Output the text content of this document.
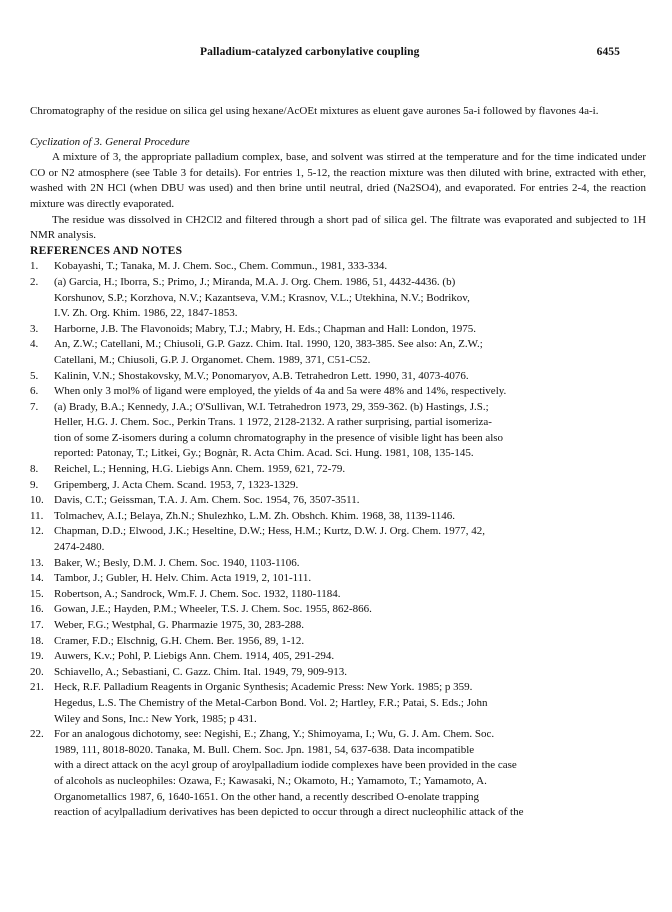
Palladium-catalyzed carbonylative coupling	6455

Chromatography of the residue on silica gel using hexane/AcOEt mixtures as eluent gave aurones 5a-i followed by flavones 4a-i.

Cyclization of 3. General Procedure

A mixture of 3, the appropriate palladium complex, base, and solvent was stirred at the temperature and for the time indicated under CO or N2 atmosphere (see Table 3 for details). For entries 1, 5-12, the reaction mixture was then diluted with brine, extracted with ether, washed with 2N HCl (when DBU was used) and then brine until neutral, dried (Na2SO4), and evaporated. For entries 2-4, the reaction mixture was directly evaporated.

The residue was dissolved in CH2Cl2 and filtered through a short pad of silica gel. The filtrate was evaporated and subjected to 1H NMR analysis.

REFERENCES AND NOTES

1.	Kobayashi, T.; Tanaka, M. J. Chem. Soc., Chem. Commun., 1981, 333-334.
2.	(a) Garcia, H.; Iborra, S.; Primo, J.; Miranda, M.A. J. Org. Chem. 1986, 51, 4432-4436. (b)
Korshunov, S.P.; Korzhova, N.V.; Kazantseva, V.M.; Krasnov, V.L.; Utekhina, N.V.; Bodrikov,
I.V. Zh. Org. Khim. 1986, 22, 1847-1853.
3.	Harborne, J.B. The Flavonoids; Mabry, T.J.; Mabry, H. Eds.; Chapman and Hall: London, 1975.
4.	An, Z.W.; Catellani, M.; Chiusoli, G.P. Gazz. Chim. Ital. 1990, 120, 383-385. See also: An, Z.W.;
Catellani, M.; Chiusoli, G.P. J. Organomet. Chem. 1989, 371, C51-C52.
5.	Kalinin, V.N.; Shostakovsky, M.V.; Ponomaryov, A.B. Tetrahedron Lett. 1990, 31, 4073-4076.
6.	When only 3 mol% of ligand were employed, the yields of 4a and 5a were 48% and 14%, respectively.
7.	(a) Brady, B.A.; Kennedy, J.A.; O'Sullivan, W.I. Tetrahedron 1973, 29, 359-362. (b) Hastings, J.S.;
Heller, H.G. J. Chem. Soc., Perkin Trans. 1 1972, 2128-2132. A rather surprising, partial isomeriza-
tion of some Z-isomers during a column chromatography in the presence of visible light has been also
reported: Patonay, T.; Litkei, Gy.; Bognàr, R. Acta Chim. Acad. Sci. Hung. 1981, 108, 135-145.
8.	Reichel, L.; Henning, H.G. Liebigs Ann. Chem. 1959, 621, 72-79.
9.	Gripemberg, J. Acta Chem. Scand. 1953, 7, 1323-1329.
10. Davis, C.T.; Geissman, T.A. J. Am. Chem. Soc. 1954, 76, 3507-3511.
11. Tolmachev, A.I.; Belaya, Zh.N.; Shulezhko, L.M. Zh. Obshch. Khim. 1968, 38, 1139-1146.
12. Chapman, D.D.; Elwood, J.K.; Heseltine, D.W.; Hess, H.M.; Kurtz, D.W. J. Org. Chem. 1977, 42,
2474-2480.
13. Baker, W.; Besly, D.M. J. Chem. Soc. 1940, 1103-1106.
14. Tambor, J.; Gubler, H. Helv. Chim. Acta 1919, 2, 101-111.
15. Robertson, A.; Sandrock, Wm.F. J. Chem. Soc. 1932, 1180-1184.
16. Gowan, J.E.; Hayden, P.M.; Wheeler, T.S. J. Chem. Soc. 1955, 862-866.
17. Weber, F.G.; Westphal, G. Pharmazie 1975, 30, 283-288.
18. Cramer, F.D.; Elschnig, G.H. Chem. Ber. 1956, 89, 1-12.
19. Auwers, K.v.; Pohl, P. Liebigs Ann. Chem. 1914, 405, 291-294.
20. Schiavello, A.; Sebastiani, C. Gazz. Chim. Ital. 1949, 79, 909-913.
21. Heck, R.F. Palladium Reagents in Organic Synthesis; Academic Press: New York. 1985; p 359.
Hegedus, L.S. The Chemistry of the Metal-Carbon Bond. Vol. 2; Hartley, F.R.; Patai, S. Eds.; John
Wiley and Sons, Inc.: New York, 1985; p 431.
22. For an analogous dichotomy, see: Negishi, E.; Zhang, Y.; Shimoyama, I.; Wu, G. J. Am. Chem. Soc.
1989, 111, 8018-8020. Tanaka, M. Bull. Chem. Soc. Jpn. 1981, 54, 637-638. Data incompatible
with a direct attack on the acyl group of aroylpalladium iodide complexes have been provided in the case
of alcohols as nucleophiles: Ozawa, F.; Kawasaki, N.; Okamoto, H.; Yamamoto, T.; Yamamoto, A.
Organometallics 1987, 6, 1640-1651. On the other hand, a recently described O-enolate trapping
reaction of acylpalladium derivatives has been depicted to occur through a direct nucleophilic attack of the
